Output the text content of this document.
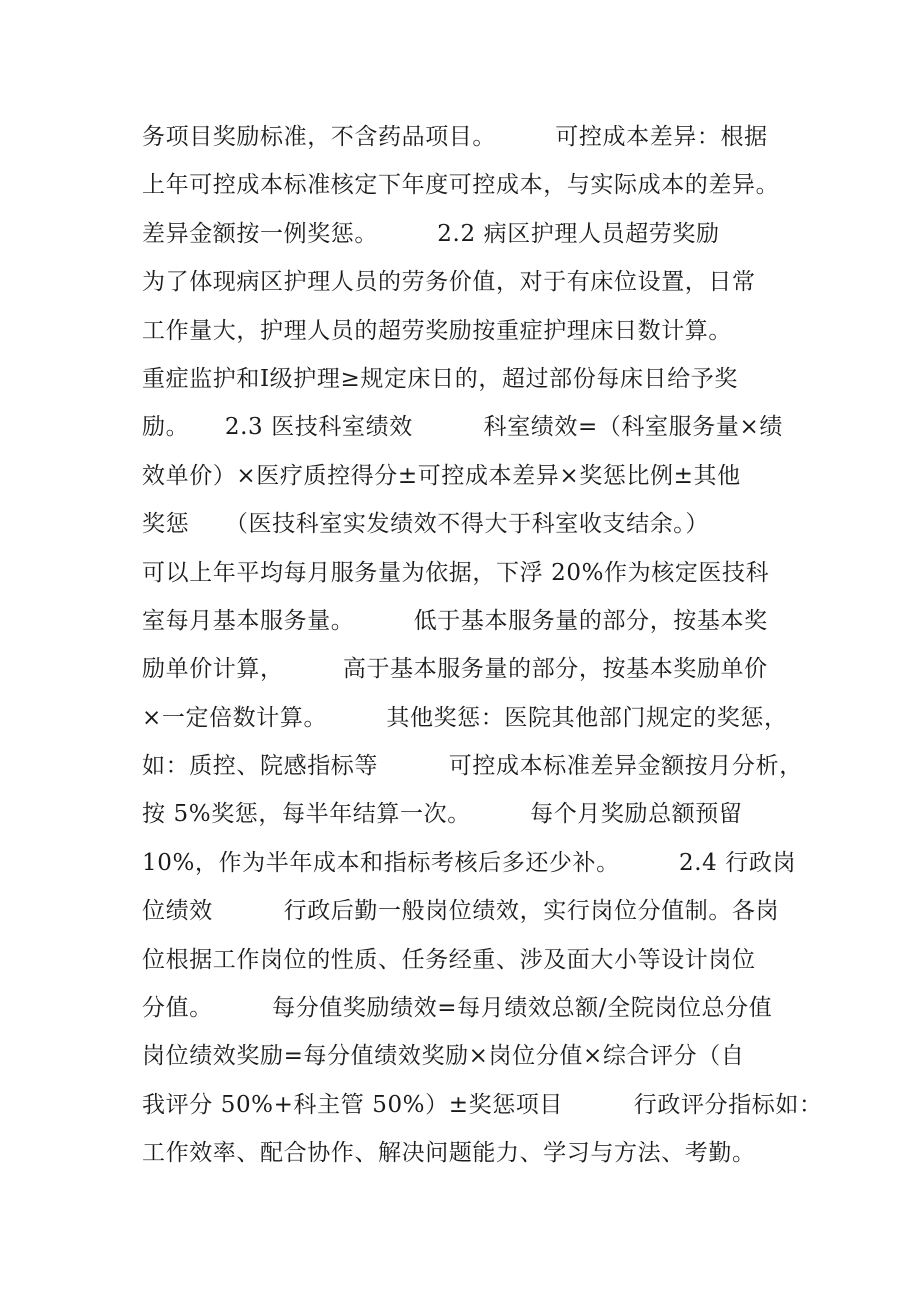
务项目奖励标准，不含药品项目。　　　可控成本差异：根据
上年可控成本标准核定下年度可控成本，与实际成本的差异。
差异金额按一例奖惩。　　　2.2 病区护理人员超劳奖励
为了体现病区护理人员的劳务价值，对于有床位设置，日常
工作量大，护理人员的超劳奖励按重症护理床日数计算。
重症监护和Ⅰ级护理≥规定床日的，超过部份每床日给予奖
励。　　2.3 医技科室绩效　　　科室绩效=（科室服务量×绩
效单价）×医疗质控得分±可控成本差异×奖惩比例±其他
奖惩　　（医技科室实发绩效不得大于科室收支结余。）
可以上年平均每月服务量为依据，下浮 20%作为核定医技科
室每月基本服务量。　　　低于基本服务量的部分，按基本奖
励单价计算，　　　高于基本服务量的部分，按基本奖励单价
×一定倍数计算。　　　其他奖惩：医院其他部门规定的奖惩，
如：质控、院感指标等　　　可控成本标准差异金额按月分析，
按 5%奖惩，每半年结算一次。　　　每个月奖励总额预留
10%，作为半年成本和指标考核后多还少补。　　　2.4 行政岗
位绩效　　　行政后勤一般岗位绩效，实行岗位分值制。各岗
位根据工作岗位的性质、任务经重、涉及面大小等设计岗位
分值。　　　每分值奖励绩效=每月绩效总额/全院岗位总分值
岗位绩效奖励=每分值绩效奖励×岗位分值×综合评分（自
我评分 50%+科主管 50%）±奖惩项目　　　行政评分指标如：
工作效率、配合协作、解决问题能力、学习与方法、考勤。
